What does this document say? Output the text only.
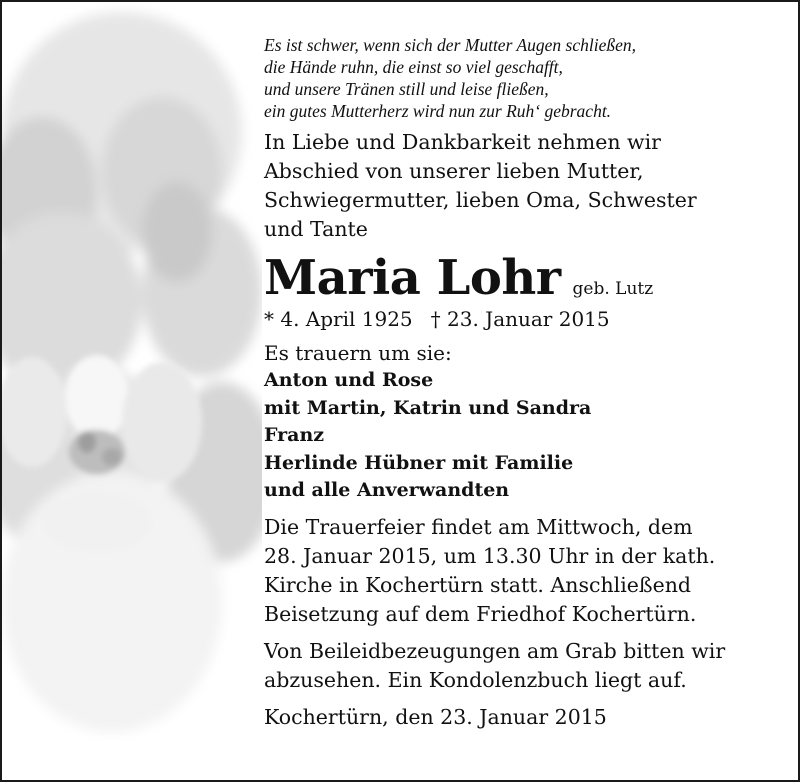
Es ist schwer, wenn sich der Mutter Augen schließen,
die Hände ruhn, die einst so viel geschafft,
und unsere Tränen still und leise fließen,
ein gutes Mutterherz wird nun zur Ruh‘ gebracht.
In Liebe und Dankbarkeit nehmen wir
Abschied von unserer lieben Mutter,
Schwiegermutter, lieben Oma, Schwester
und Tante
Maria Lohr geb. Lutz
* 4. April 1925 † 23. Januar 2015
Es trauern um sie:
Anton und Rose
mit Martin, Katrin und Sandra
Franz
Herlinde Hübner mit Familie
und alle Anverwandten
Die Trauerfeier findet am Mittwoch, dem
28. Januar 2015, um 13.30 Uhr in der kath.
Kirche in Kochertürn statt. Anschließend
Beisetzung auf dem Friedhof Kochertürn.
Von Beileidbezeugungen am Grab bitten wir
abzusehen. Ein Kondolenzbuch liegt auf.
Kochertürn, den 23. Januar 2015
